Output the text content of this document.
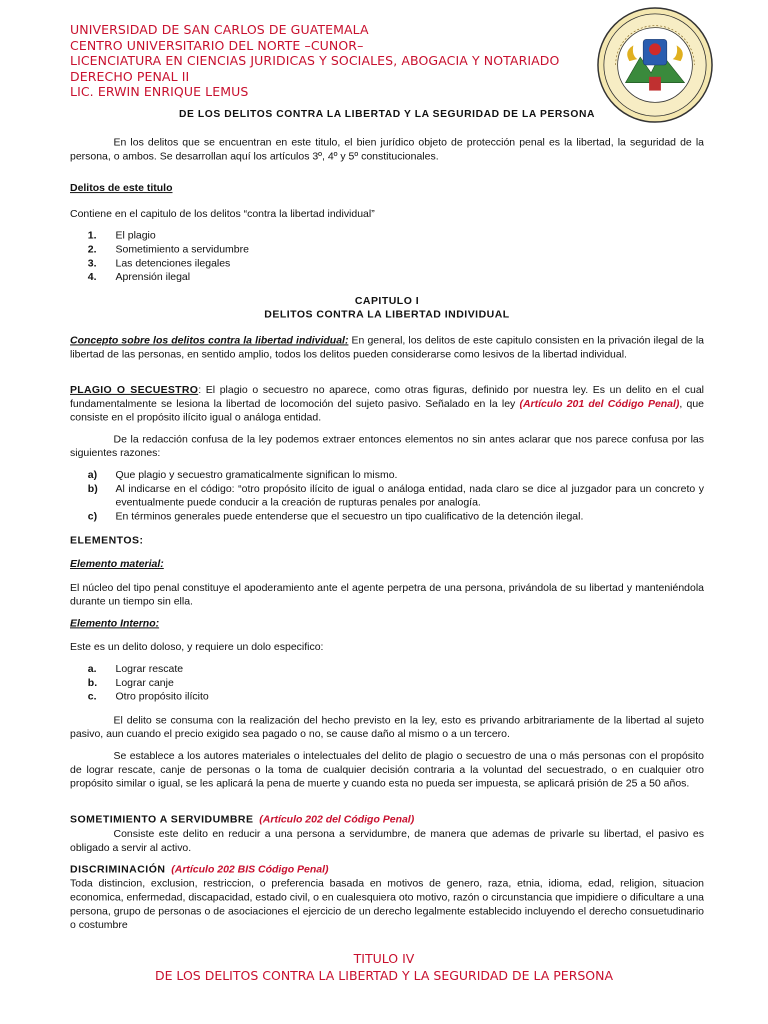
UNIVERSIDAD DE SAN CARLOS DE GUATEMALA
CENTRO UNIVERSITARIO DEL NORTE –CUNOR–
LICENCIATURA EN CIENCIAS JURIDICAS Y SOCIALES, ABOGACIA Y NOTARIADO
DERECHO PENAL II
LIC. ERWIN ENRIQUE LEMUS
DE LOS DELITOS CONTRA LA LIBERTAD Y LA SEGURIDAD DE LA PERSONA

En los delitos que se encuentran en este titulo, el bien jurídico objeto de protección penal es la libertad, la seguridad de la persona, o ambos. Se desarrollan aquí los artículos 3º, 4º y 5º constitucionales.

Delitos de este titulo

Contiene en el capitulo de los delitos “contra la libertad individual”

1.	El plagio
2.	Sometimiento a servidumbre
3.	Las detenciones ilegales
4.	Aprensión ilegal
CAPITULO I
DELITOS CONTRA LA LIBERTAD INDIVIDUAL

Concepto sobre los delitos contra la libertad individual: En general, los delitos de este capitulo consisten en la privación ilegal de la libertad de las personas, en sentido amplio, todos los delitos pueden considerarse como lesivos de la libertad individual.

PLAGIO O SECUESTRO: El plagio o secuestro no aparece, como otras figuras, definido por nuestra ley. Es un delito en el cual fundamentalmente se lesiona la libertad de locomoción del sujeto pasivo. Señalado en la ley (Artículo 201 del Código Penal), que consiste en el propósito ilícito igual o análoga entidad.

De la redacción confusa de la ley podemos extraer entonces elementos no sin antes aclarar que nos parece confusa por las siguientes razones:

a)	Que plagio y secuestro gramaticalmente significan lo mismo.
b)	Al indicarse en el código: “otro propósito ilícito de igual o análoga entidad, nada claro se dice al juzgador para un concreto y eventualmente puede conducir a la creación de rupturas penales por analogía.
c)	En términos generales puede entenderse que el secuestro un tipo cualificativo de la detención ilegal.
ELEMENTOS:
Elemento material:

El núcleo del tipo penal constituye el apoderamiento ante el agente perpetra de una persona, privándola de su libertad y manteniéndola durante un tiempo sin ella.

Elemento Interno:

Este es un delito doloso, y requiere un dolo especifico:

a.	Lograr rescate
b.	Lograr canje
c.	Otro propósito ilícito

El delito se consuma con la realización del hecho previsto en la ley, esto es privando arbitrariamente de la libertad al sujeto pasivo, aun cuando el precio exigido sea pagado o no, se cause daño al mismo o a un tercero.

Se establece a los autores materiales o intelectuales del delito de plagio o secuestro de una o más personas con el propósito de lograr rescate, canje de personas o la toma de cualquier decisión contraria a la voluntad del secuestrado, o en cualquier otro propósito similar o igual, se les aplicará la pena de muerte y cuando esta no pueda ser impuesta, se aplicará prisión de 25 a 50 años.

SOMETIMIENTO A SERVIDUMBRE (Artículo 202 del Código Penal)

Consiste este delito en reducir a una persona a servidumbre, de manera que ademas de privarle su libertad, el pasivo es obligado a servir al activo.

DISCRIMINACIÓN (Artículo 202 BIS Código Penal)

Toda distincion, exclusion, restriccion, o preferencia basada en motivos de genero, raza, etnia, idioma, edad, religion, situacion economica, enfermedad, discapacidad, estado civil, o en cualesquiera oto motivo, razón o circunstancia que impidiere o dificultare a una persona, grupo de personas o de asociaciones el ejercicio de un derecho legalmente establecido incluyendo el derecho consuetudinario o costumbre

TITULO IV
DE LOS DELITOS CONTRA LA LIBERTAD Y LA SEGURIDAD DE LA PERSONA
